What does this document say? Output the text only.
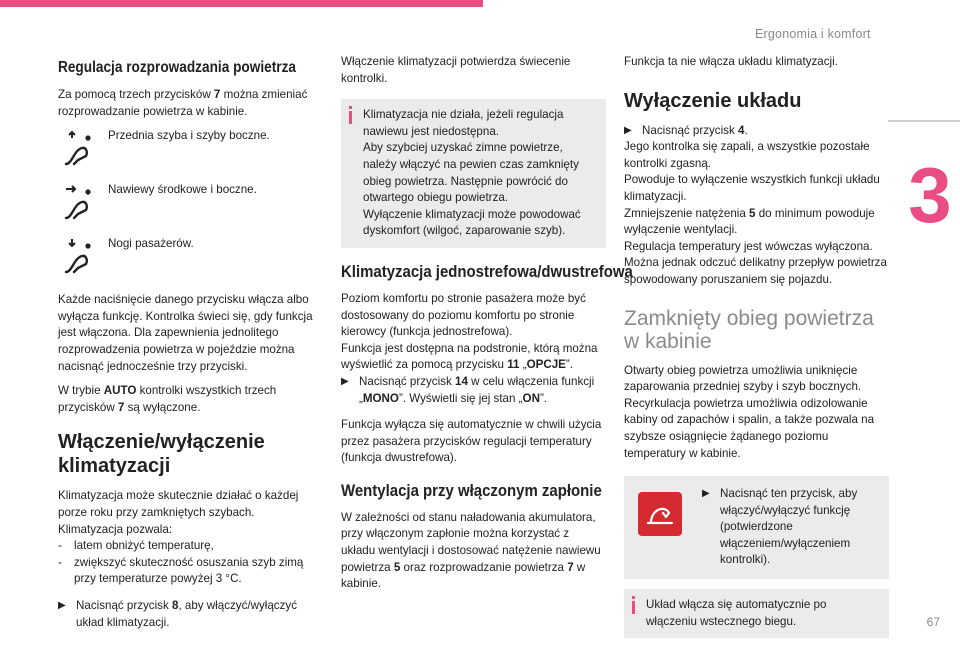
Ergonomia i komfort
3
67
Regulacja rozprowadzania powietrza

Za pomocą trzech przycisków 7 można zmieniać rozprowadzanie powietrza w kabinie.

Przednia szyba i szyby boczne.
Nawiewy środkowe i boczne.
Nogi pasażerów.

Każde naciśnięcie danego przycisku włącza albo wyłącza funkcję. Kontrolka świeci się, gdy funkcja jest włączona. Dla zapewnienia jednolitego rozprowadzenia powietrza w pojeździe można nacisnąć jednocześnie trzy przyciski.

W trybie AUTO kontrolki wszystkich trzech przycisków 7 są wyłączone.

Włączenie/wyłączenie klimatyzacji

Klimatyzacja może skutecznie działać o każdej porze roku przy zamkniętych szybach.

Klimatyzacja pozwala:

-	latem obniżyć temperaturę,
-	zwiększyć skuteczność osuszania szyb zimą przy temperaturze powyżej 3 °C.
▶ Nacisnąć przycisk 8, aby włączyć/wyłączyć układ klimatyzacji.

Włączenie klimatyzacji potwierdza świecenie kontrolki.

Klimatyzacja nie działa, jeżeli regulacja nawiewu jest niedostępna.
Aby szybciej uzyskać zimne powietrze, należy włączyć na pewien czas zamknięty obieg powietrza. Następnie powrócić do otwartego obiegu powietrza.
Wyłączenie klimatyzacji może powodować dyskomfort (wilgoć, zaparowanie szyb).
Klimatyzacja jednostrefowa/dwustrefowa

Poziom komfortu po stronie pasażera może być dostosowany do poziomu komfortu po stronie kierowcy (funkcja jednostrefowa).

Funkcja jest dostępna na podstronie, którą można wyświetlić za pomocą przycisku 11 „OPCJE”.

▶ Nacisnąć przycisk 14 w celu włączenia funkcji „MONO”. Wyświetli się jej stan „ON”.

Funkcja wyłącza się automatycznie w chwili użycia przez pasażera przycisków regulacji temperatury (funkcja dwustrefowa).

Wentylacja przy włączonym zapłonie

W zależności od stanu naładowania akumulatora, przy włączonym zapłonie można korzystać z układu wentylacji i dostosować natężenie nawiewu powietrza 5 oraz rozprowadzanie powietrza 7 w kabinie.

Funkcja ta nie włącza układu klimatyzacji.

Wyłączenie układu
▶ Nacisnąć przycisk 4.
Jego kontrolka się zapali, a wszystkie pozostałe kontrolki zgasną.
Powoduje to wyłączenie wszystkich funkcji układu klimatyzacji.
Zmniejszenie natężenia 5 do minimum powoduje wyłączenie wentylacji.
Regulacja temperatury jest wówczas wyłączona. Można jednak odczuć delikatny przepływ powietrza spowodowany poruszaniem się pojazdu.
Zamknięty obieg powietrza w kabinie

Otwarty obieg powietrza umożliwia uniknięcie zaparowania przedniej szyby i szyb bocznych. Recyrkulacja powietrza umożliwia odizolowanie kabiny od zapachów i spalin, a także pozwala na szybsze osiągnięcie żądanego poziomu temperatury w kabinie.

▶ Nacisnąć ten przycisk, aby włączyć/wyłączyć funkcję (potwierdzone włączeniem/wyłączeniem kontrolki).
Układ włącza się automatycznie po włączeniu wstecznego biegu.
